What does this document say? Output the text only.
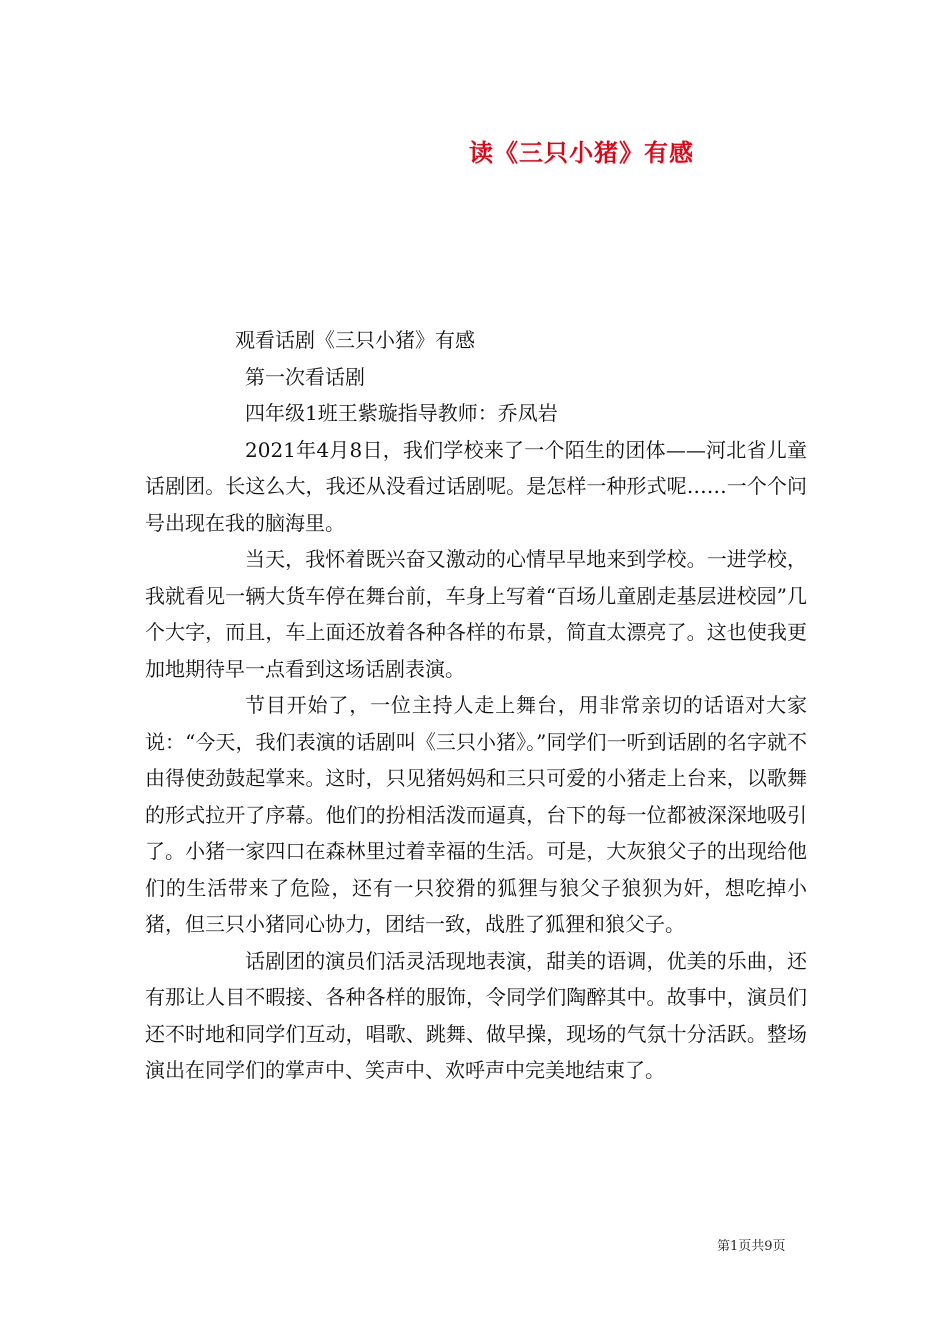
读《三只小猪》有感

观看话剧《三只小猪》有感

第一次看话剧

四年级1班王紫璇指导教师：乔凤岩

2021年4月8日，我们学校来了一个陌生的团体——河北省儿童话剧团。长这么大，我还从没看过话剧呢。是怎样一种形式呢……一个个问号出现在我的脑海里。

当天，我怀着既兴奋又激动的心情早早地来到学校。一进学校，我就看见一辆大货车停在舞台前，车身上写着“百场儿童剧走基层进校园”几个大字，而且，车上面还放着各种各样的布景，简直太漂亮了。这也使我更加地期待早一点看到这场话剧表演。

节目开始了，一位主持人走上舞台，用非常亲切的话语对大家说：“今天，我们表演的话剧叫《三只小猪》。”同学们一听到话剧的名字就不由得使劲鼓起掌来。这时，只见猪妈妈和三只可爱的小猪走上台来，以歌舞的形式拉开了序幕。他们的扮相活泼而逼真，台下的每一位都被深深地吸引了。小猪一家四口在森林里过着幸福的生活。可是，大灰狼父子的出现给他们的生活带来了危险，还有一只狡猾的狐狸与狼父子狼狈为奸，想吃掉小猪，但三只小猪同心协力，团结一致，战胜了狐狸和狼父子。

话剧团的演员们活灵活现地表演，甜美的语调，优美的乐曲，还有那让人目不暇接、各种各样的服饰，令同学们陶醉其中。故事中，演员们还不时地和同学们互动，唱歌、跳舞、做早操，现场的气氛十分活跃。整场演出在同学们的掌声中、笑声中、欢呼声中完美地结束了。

第1页共9页
